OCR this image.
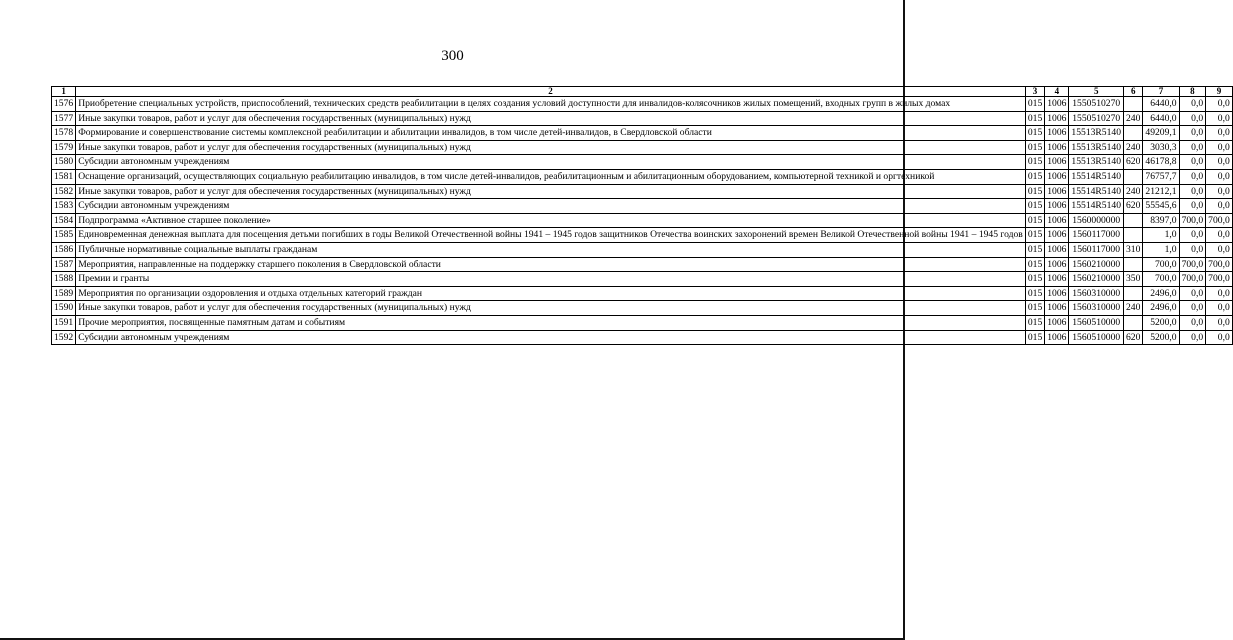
300
1	2	3	4	5	6	7	8	9
1576	Приобретение специальных устройств, приспособлений, технических средств реабилитации в целях создания условий доступности для инвалидов-колясочников жилых помещений, входных групп в жилых домах	015	1006	1550510270		6440,0	0,0	0,0
1577	Иные закупки товаров, работ и услуг для обеспечения государственных (муниципальных) нужд	015	1006	1550510270	240	6440,0	0,0	0,0
1578	Формирование и совершенствование системы комплексной реабилитации и абилитации инвалидов, в том числе детей-инвалидов, в Свердловской области	015	1006	15513R5140		49209,1	0,0	0,0
1579	Иные закупки товаров, работ и услуг для обеспечения государственных (муниципальных) нужд	015	1006	15513R5140	240	3030,3	0,0	0,0
1580	Субсидии автономным учреждениям	015	1006	15513R5140	620	46178,8	0,0	0,0
1581	Оснащение организаций, осуществляющих социальную реабилитацию инвалидов, в том числе детей-инвалидов, реабилитационным и абилитационным оборудованием, компьютерной техникой и оргтехникой	015	1006	15514R5140		76757,7	0,0	0,0
1582	Иные закупки товаров, работ и услуг для обеспечения государственных (муниципальных) нужд	015	1006	15514R5140	240	21212,1	0,0	0,0
1583	Субсидии автономным учреждениям	015	1006	15514R5140	620	55545,6	0,0	0,0
1584	Подпрограмма «Активное старшее поколение»	015	1006	1560000000		8397,0	700,0	700,0
1585	Единовременная денежная выплата для посещения детьми погибших в годы Великой Отечественной войны 1941 – 1945 годов защитников Отечества воинских захоронений времен Великой Отечественной войны 1941 – 1945 годов	015	1006	1560117000		1,0	0,0	0,0
1586	Публичные нормативные социальные выплаты гражданам	015	1006	1560117000	310	1,0	0,0	0,0
1587	Мероприятия, направленные на поддержку старшего поколения в Свердловской области	015	1006	1560210000		700,0	700,0	700,0
1588	Премии и гранты	015	1006	1560210000	350	700,0	700,0	700,0
1589	Мероприятия по организации оздоровления и отдыха отдельных категорий граждан	015	1006	1560310000		2496,0	0,0	0,0
1590	Иные закупки товаров, работ и услуг для обеспечения государственных (муниципальных) нужд	015	1006	1560310000	240	2496,0	0,0	0,0
1591	Прочие мероприятия, посвященные памятным датам и событиям	015	1006	1560510000		5200,0	0,0	0,0
1592	Субсидии автономным учреждениям	015	1006	1560510000	620	5200,0	0,0	0,0
